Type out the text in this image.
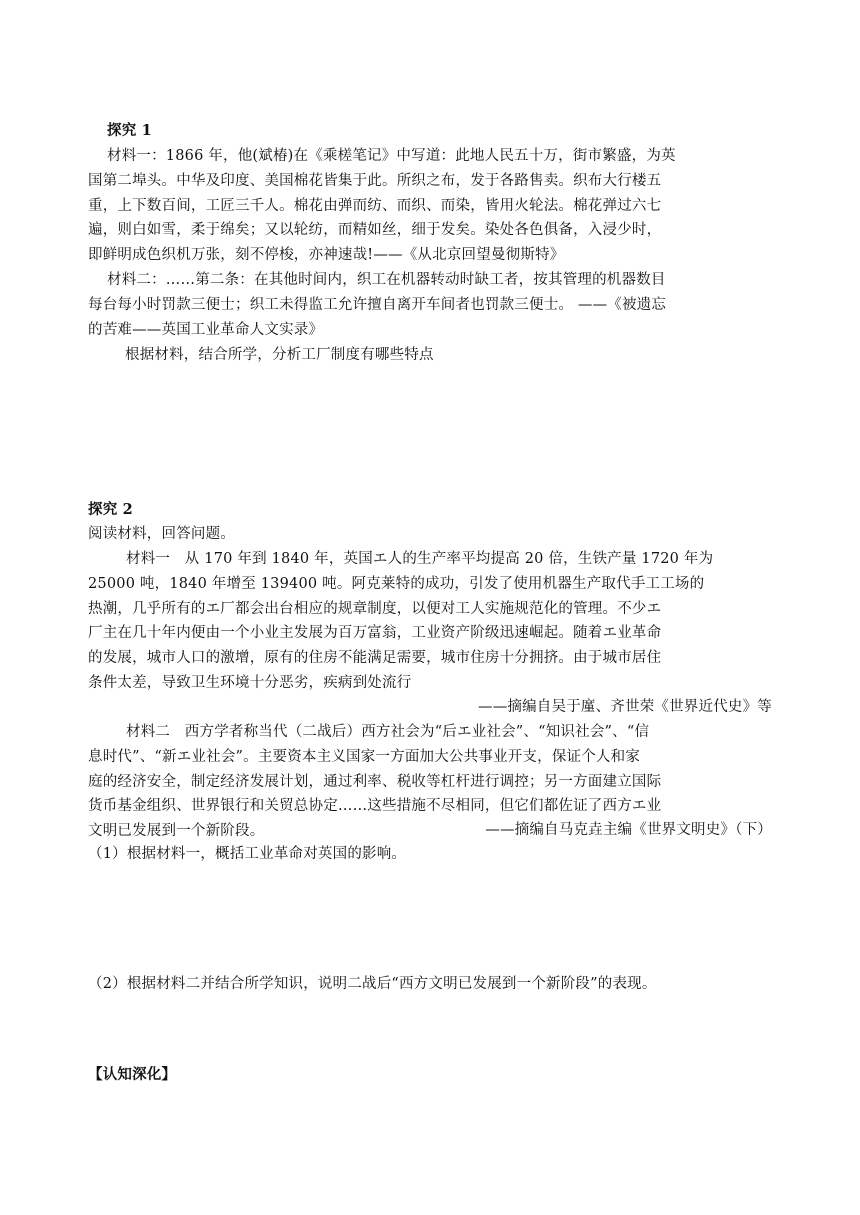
探究 1

材料一：1866 年，他(斌椿)在《乘槎笔记》中写道：此地人民五十万，街市繁盛，为英

国第二埠头。中华及印度、美国棉花皆集于此。所织之布，发于各路售卖。织布大行楼五

重，上下数百间，工匠三千人。棉花由弹而纺、而织、而染，皆用火轮法。棉花弹过六七

遍，则白如雪，柔于绵矣；又以轮纺，而精如丝，细于发矣。染处各色俱备，入浸少时，

即鲜明成色织机万张，刻不停梭，亦神速哉!——《从北京回望曼彻斯特》

材料二：……第二条：在其他时间内，织工在机器转动时缺工者，按其管理的机器数目

每台每小时罚款三便士；织工未得监工允许擅自离开车间者也罚款三便士。 ——《被遗忘

的苦难——英国工业革命人文实录》

根据材料，结合所学，分析工厂制度有哪些特点
探究 2
阅读材料，回答问题。

材料一　从 170 年到 1840 年，英国エ人的生产率平均提高 20 倍，生铁产量 1720 年为

25000 吨，1840 年增至 139400 吨。阿克莱特的成功，引发了使用机器生产取代手工工场的

热潮，几乎所有的エ厂都会出台相应的规章制度，以便对工人实施规范化的管理。不少エ

厂主在几十年内便由一个小业主发展为百万富翁，工业资产阶级迅速崛起。随着エ业革命

的发展，城市人口的激增，原有的住房不能满足需要，城市住房十分拥挤。由于城市居住

条件太差，导致卫生环境十分恶劣，疾病到处流行

——摘编自吴于廑、齐世荣《世界近代史》等

材料二　西方学者称当代（二战后）西方社会为“后エ业社会”、“知识社会”、“信

息时代”、“新エ业社会”。主要资本主义国家一方面加大公共事业开支，保证个人和家

庭的经济安全，制定经济发展计划，通过利率、税收等杠杆进行调控；另一方面建立国际

货币基金组织、世界银行和关贸总协定……这些措施不尽相同，但它们都佐证了西方エ业

文明已发展到一个新阶段。	——摘编自马克垚主编《世界文明史》（下）
（1）根据材料一，概括工业革命对英国的影响。
（2）根据材料二并结合所学知识，说明二战后“西方文明已发展到一个新阶段”的表现。
【认知深化】
